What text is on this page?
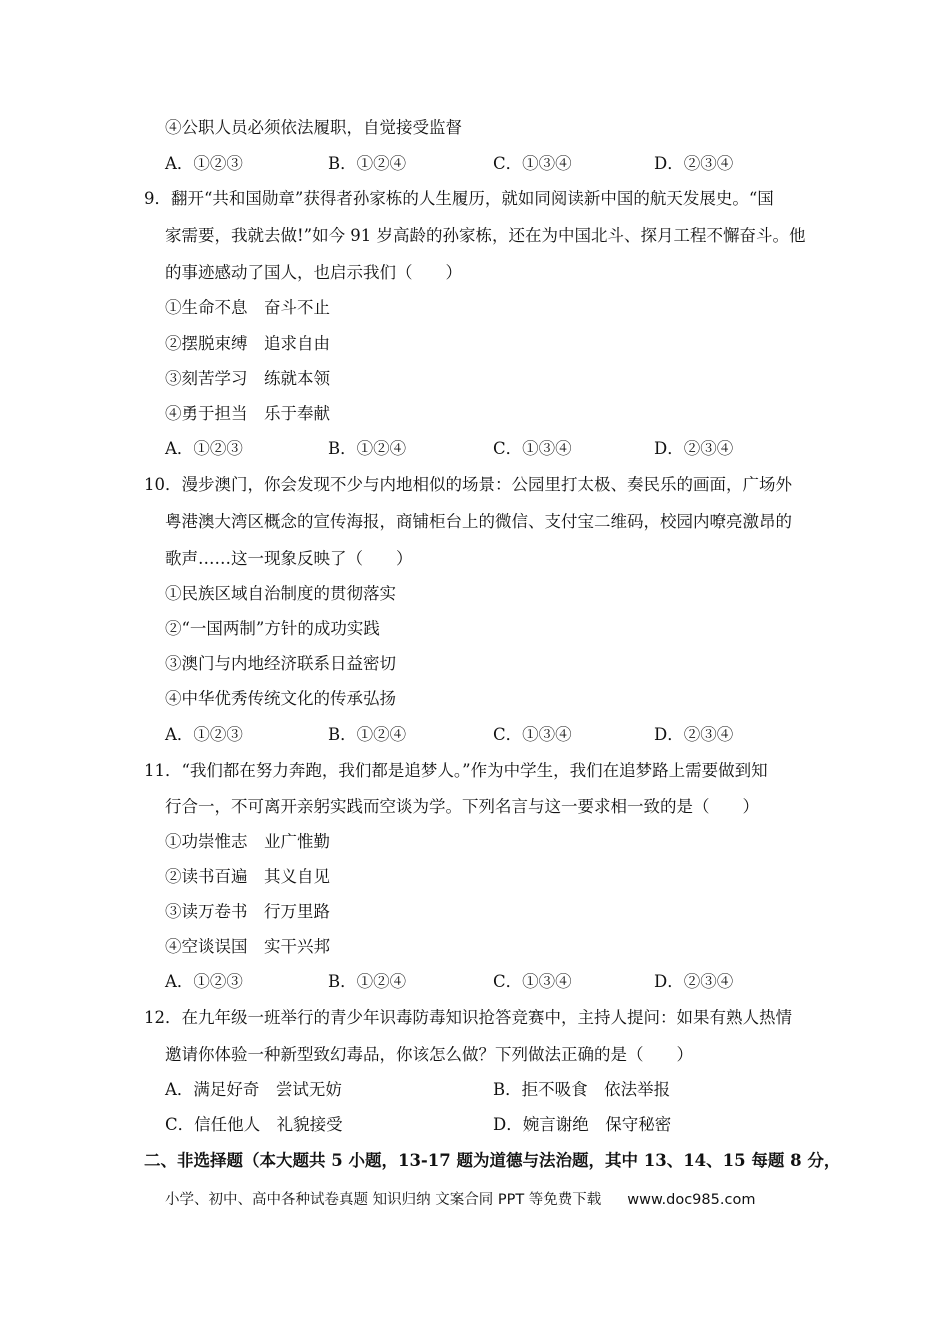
④公职人员必须依法履职，自觉接受监督
A．①②③	B．①②④	C．①③④	D．②③④
9．翻开“共和国勋章”获得者孙家栋的人生履历，就如同阅读新中国的航天发展史。“国
家需要，我就去做!”如今 91 岁高龄的孙家栋，还在为中国北斗、探月工程不懈奋斗。他
的事迹感动了国人，也启示我们（　　）
①生命不息　奋斗不止
②摆脱束缚　追求自由
③刻苦学习　练就本领
④勇于担当　乐于奉献
A．①②③	B．①②④	C．①③④	D．②③④
10．漫步澳门，你会发现不少与内地相似的场景：公园里打太极、奏民乐的画面，广场外
粤港澳大湾区概念的宣传海报，商铺柜台上的微信、支付宝二维码，校园内嘹亮激昂的
歌声……这一现象反映了（　　）
①民族区域自治制度的贯彻落实
②“一国两制”方针的成功实践
③澳门与内地经济联系日益密切
④中华优秀传统文化的传承弘扬
A．①②③	B．①②④	C．①③④	D．②③④
11．“我们都在努力奔跑，我们都是追梦人。”作为中学生，我们在追梦路上需要做到知
行合一，不可离开亲躬实践而空谈为学。下列名言与这一要求相一致的是（　　）
①功崇惟志　业广惟勤
②读书百遍　其义自见
③读万卷书　行万里路
④空谈误国　实干兴邦
A．①②③	B．①②④	C．①③④	D．②③④
12．在九年级一班举行的青少年识毒防毒知识抢答竞赛中，主持人提问：如果有熟人热情
邀请你体验一种新型致幻毒品，你该怎么做？下列做法正确的是（　　）
A．满足好奇　尝试无妨	B．拒不吸食　依法举报
C．信任他人　礼貌接受	D．婉言谢绝　保守秘密
二、非选择题（本大题共 5 小题，13-17 题为道德与法治题，其中 13、14、15 每题 8 分，
小学、初中、高中各种试卷真题 知识归纳 文案合同 PPT 等免费下载 www.doc985.com
